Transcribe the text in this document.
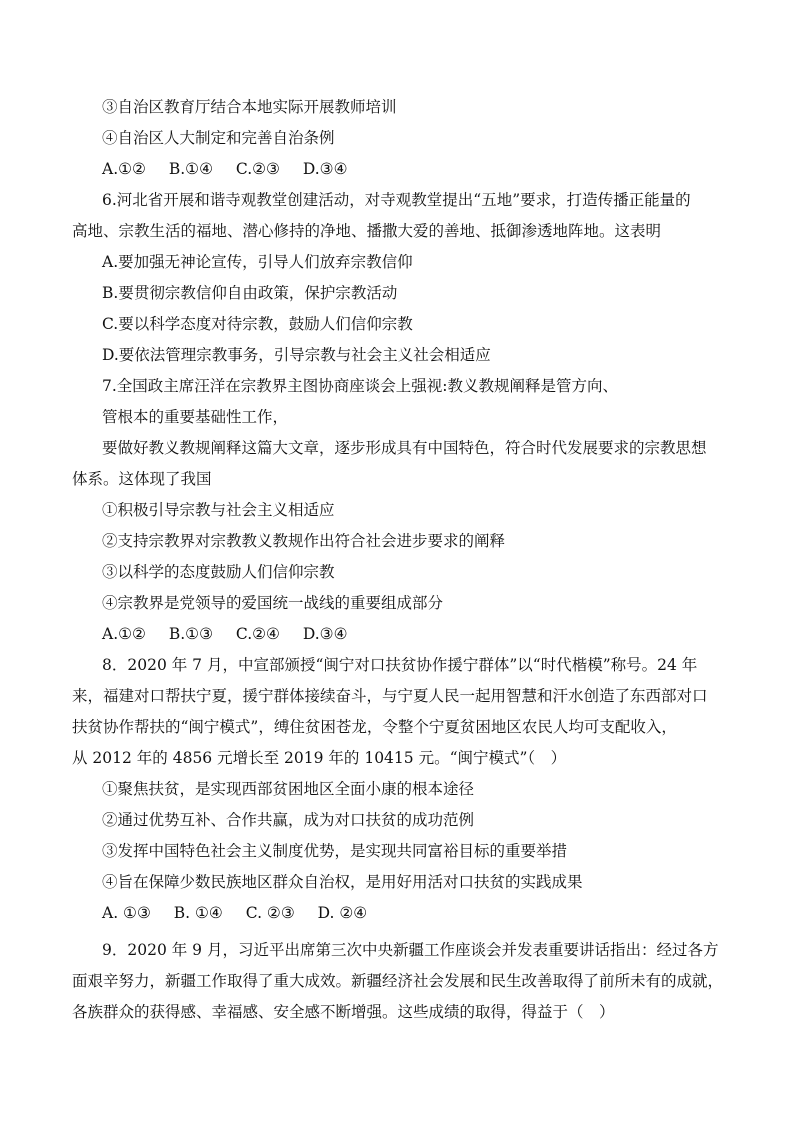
③自治区教育厅结合本地实际开展教师培训
④自治区人大制定和完善自治条例
A.①② B.①④ C.②③ D.③④
6.河北省开展和谐寺观教堂创建活动，对寺观教堂提出“五地”要求，打造传播正能量的
高地、宗教生活的福地、潜心修持的净地、播撒大爱的善地、抵御渗透地阵地。这表明
A.要加强无神论宣传，引导人们放弃宗教信仰
B.要贯彻宗教信仰自由政策，保护宗教活动
C.要以科学态度对待宗教，鼓励人们信仰宗教
D.要依法管理宗教事务，引导宗教与社会主义社会相适应
7.全国政主席汪洋在宗教界主图协商座谈会上强视:教义教规阐释是管方向、
管根本的重要基础性工作，
要做好教义教规阐释这篇大文章，逐步形成具有中国特色，符合时代发展要求的宗教思想
体系。这体现了我国
①积极引导宗教与社会主义相适应
②支持宗教界对宗教教义教规作出符合社会进步要求的阐释
③以科学的态度鼓励人们信仰宗教
④宗教界是党领导的爱国统一战线的重要组成部分
A.①② B.①③ C.②④ D.③④
8．2020 年 7 月，中宣部颁授“闽宁对口扶贫协作援宁群体”以“时代楷模”称号。24 年
来，福建对口帮扶宁夏，援宁群体接续奋斗，与宁夏人民一起用智慧和汗水创造了东西部对口
扶贫协作帮扶的“闽宁模式”，缚住贫困苍龙，令整个宁夏贫困地区农民人均可支配收入，
从 2012 年的 4856 元增长至 2019 年的 10415 元。“闽宁模式”（　）
①聚焦扶贫，是实现西部贫困地区全面小康的根本途径
②通过优势互补、合作共赢，成为对口扶贫的成功范例
③发挥中国特色社会主义制度优势，是实现共同富裕目标的重要举措
④旨在保障少数民族地区群众自治权，是用好用活对口扶贫的实践成果
A. ①③ B. ①④ C. ②③ D. ②④
9．2020 年 9 月，习近平出席第三次中央新疆工作座谈会并发表重要讲话指出：经过各方
面艰辛努力，新疆工作取得了重大成效。新疆经济社会发展和民生改善取得了前所未有的成就，
各族群众的获得感、幸福感、安全感不断增强。这些成绩的取得，得益于（　）
